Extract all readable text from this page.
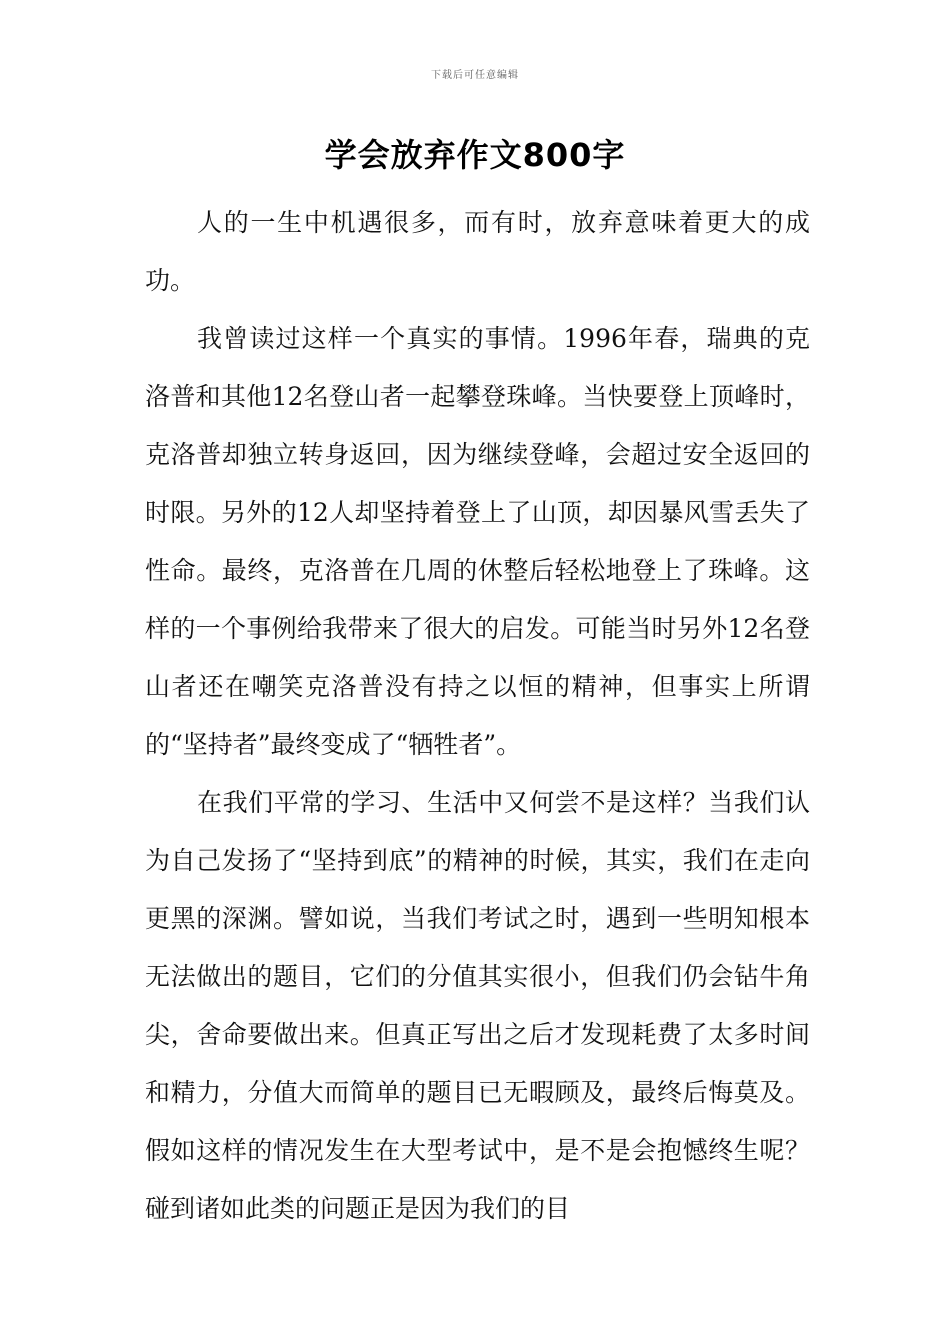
下载后可任意编辑
学会放弃作文800字

人的一生中机遇很多，而有时，放弃意味着更大的成功。

我曾读过这样一个真实的事情。1996年春，瑞典的克洛普和其他12名登山者一起攀登珠峰。当快要登上顶峰时，克洛普却独立转身返回，因为继续登峰，会超过安全返回的时限。另外的12人却坚持着登上了山顶，却因暴风雪丢失了性命。最终，克洛普在几周的休整后轻松地登上了珠峰。这样的一个事例给我带来了很大的启发。可能当时另外12名登山者还在嘲笑克洛普没有持之以恒的精神，但事实上所谓的“坚持者”最终变成了“牺牲者”。

在我们平常的学习、生活中又何尝不是这样？当我们认为自己发扬了“坚持到底”的精神的时候，其实，我们在走向更黑的深渊。譬如说，当我们考试之时，遇到一些明知根本无法做出的题目，它们的分值其实很小，但我们仍会钻牛角尖，舍命要做出来。但真正写出之后才发现耗费了太多时间和精力，分值大而简单的题目已无暇顾及，最终后悔莫及。假如这样的情况发生在大型考试中，是不是会抱憾终生呢？碰到诸如此类的问题正是因为我们的目
